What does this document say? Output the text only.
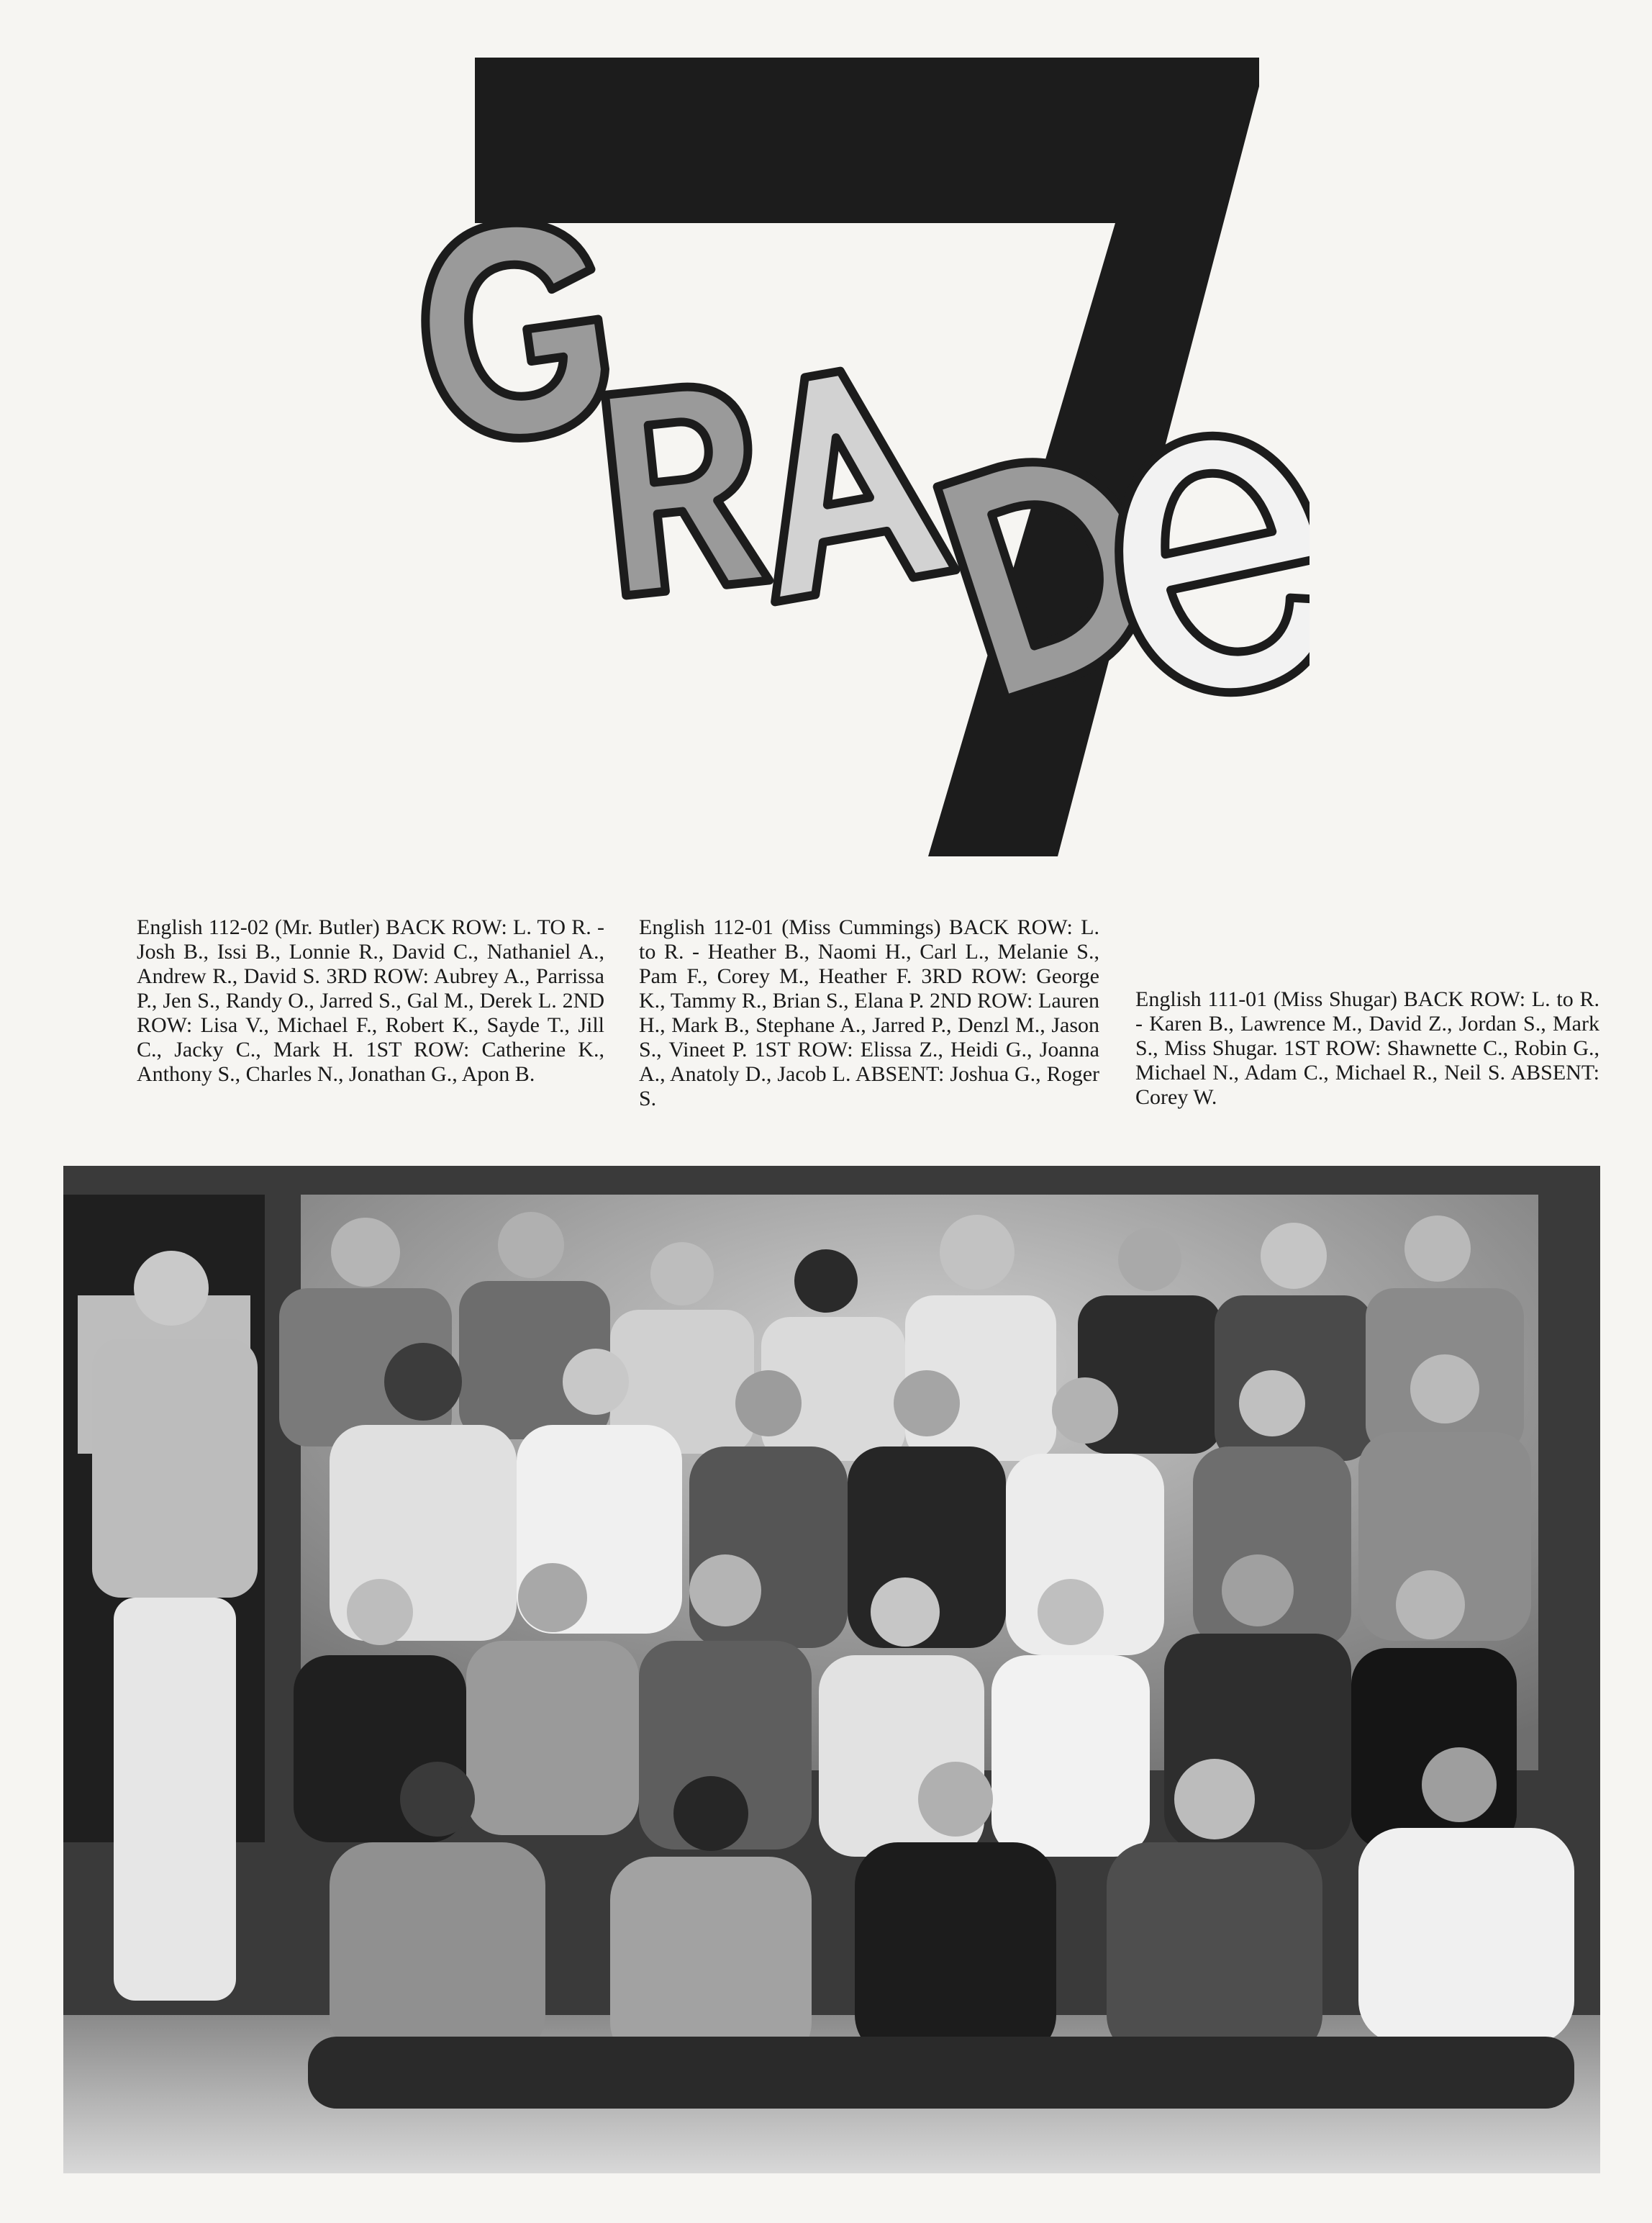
G
A
D

English 112-02 (Mr. Butler) BACK ROW: L. TO R. - Josh B., Issi B., Lonnie R., David C., Nathaniel A., Andrew R., David S. 3RD ROW: Aubrey A., Parrissa P., Jen S., Randy O., Jarred S., Gal M., Derek L. 2ND ROW: Lisa V., Michael F., Robert K., Sayde T., Jill C., Jacky C., Mark H. 1ST ROW: Catherine K., Anthony S., Charles N., Jonathan G., Apon B.

English 112-01 (Miss Cummings) BACK ROW: L. to R. - Heather B., Naomi H., Carl L., Melanie S., Pam F., Corey M., Heather F. 3RD ROW: George K., Tammy R., Brian S., Elana P. 2ND ROW: Lauren H., Mark B., Stephane A., Jarred P., Denzl M., Jason S., Vineet P. 1ST ROW: Elissa Z., Heidi G., Joanna A., Anatoly D., Jacob L. ABSENT: Joshua G., Roger S.

English 111-01 (Miss Shugar) BACK ROW: L. to R. - Karen B., Lawrence M., David Z., Jordan S., Mark S., Miss Shugar. 1ST ROW: Shawnette C., Robin G., Michael N., Adam C., Michael R., Neil S. ABSENT: Corey W.
